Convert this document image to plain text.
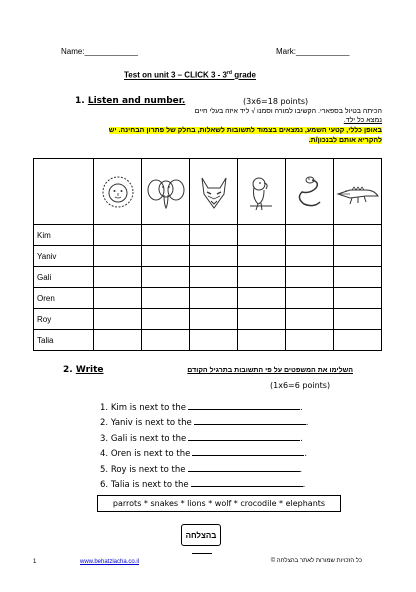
Name:____________	Mark:____________
Test on unit 3 – CLICK 3 - 3rd grade
1. Listen and number.	(3x6=18 points)
הכיתה בטיול בספארי. הקשיבו למורה וסמנו √ ליד איזה בעלי חיים
נמצא כל ילד.
באופן כללי, קטעי השמע, נמצאים בצמוד לתשובות לשאלות, בחלק של פתרון הבחינה. יש
להקריא אותם לבנכון/ת.

Kim						
Yaniv						
Gali						
Oren						
Roy						
Talia						
2. Write	השלימו את המשפטים על פי התשובות בתרגיל הקודם
(1x6=6 points)
1. Kim is next to the	.
2. Yaniv is next to the	.
3. Gali is next to the	.
4. Oren is next to the	.
5. Roy is next to the	.
6. Talia is next to the	.
parrots * snakes * lions * wolf * crocodile * elephants
בהצלחה
1	www.behatzlacha.co.il	כל הזכויות שמורות לאתר בהצלחה ©
